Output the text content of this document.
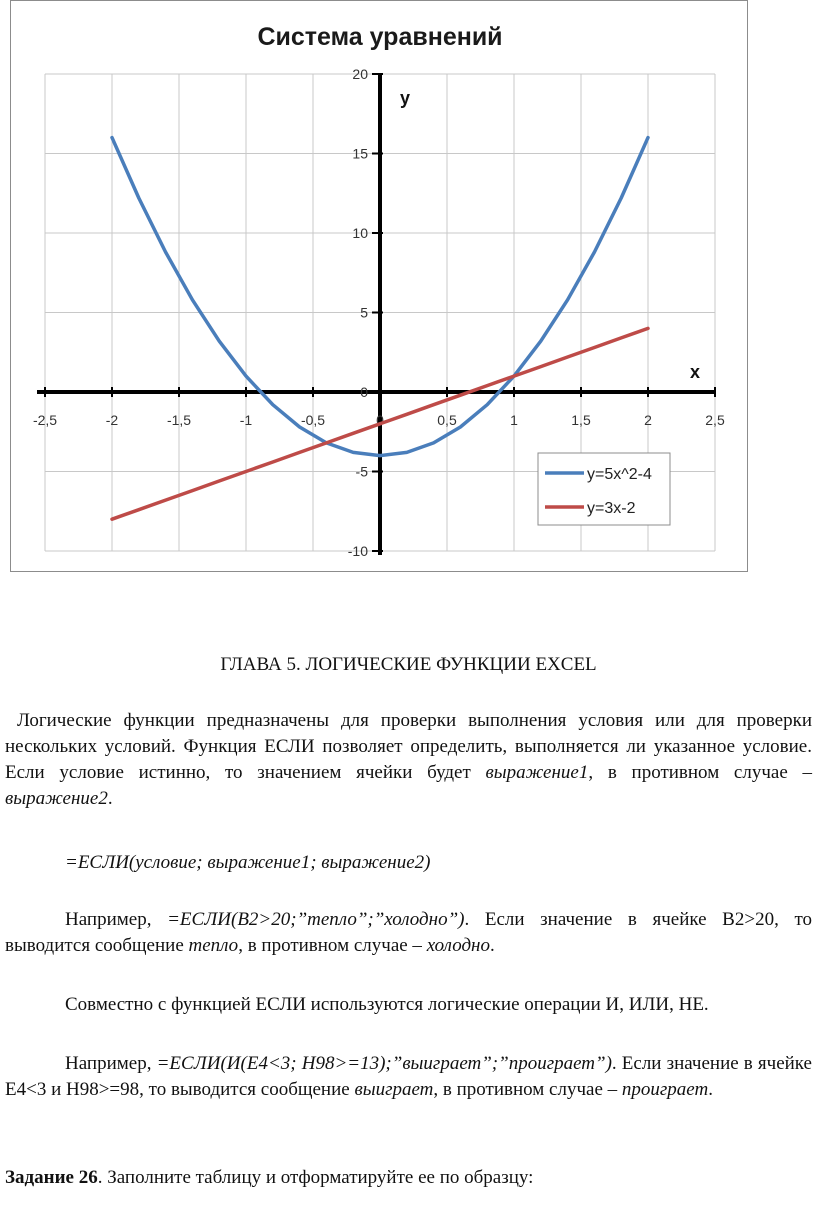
Система уравнений
-2,5	-2	-1,5	-1	-0,5	0	0,5	1	1,5	2	2,5
-10
-5
0
5
10
15
20
y
x
y=5x^2-4
y=3x-2
ГЛАВА 5. ЛОГИЧЕСКИЕ ФУНКЦИИ EXCEL
Логические функции предназначены для проверки выполнения условия или для проверки нескольких условий. Функция ЕСЛИ позволяет определить, выполняется ли указанное условие. Если условие истинно, то значением ячейки будет выражение1, в противном случае – выражение2.
=ЕСЛИ(условие; выражение1; выражение2)
Например, =ЕСЛИ(B2>20;”тепло”;”холодно”). Если значение в ячейке B2>20, то выводится сообщение тепло, в противном случае – холодно.
Совместно с функцией ЕСЛИ используются логические операции И, ИЛИ, НЕ.
Например, =ЕСЛИ(И(E4<3; H98>=13);”выиграет”;”проиграет”). Если значение в ячейке E4<3 и H98>=98, то выводится сообщение выиграет, в противном случае – проиграет.
Задание 26. Заполните таблицу и отформатируйте ее по образцу:
